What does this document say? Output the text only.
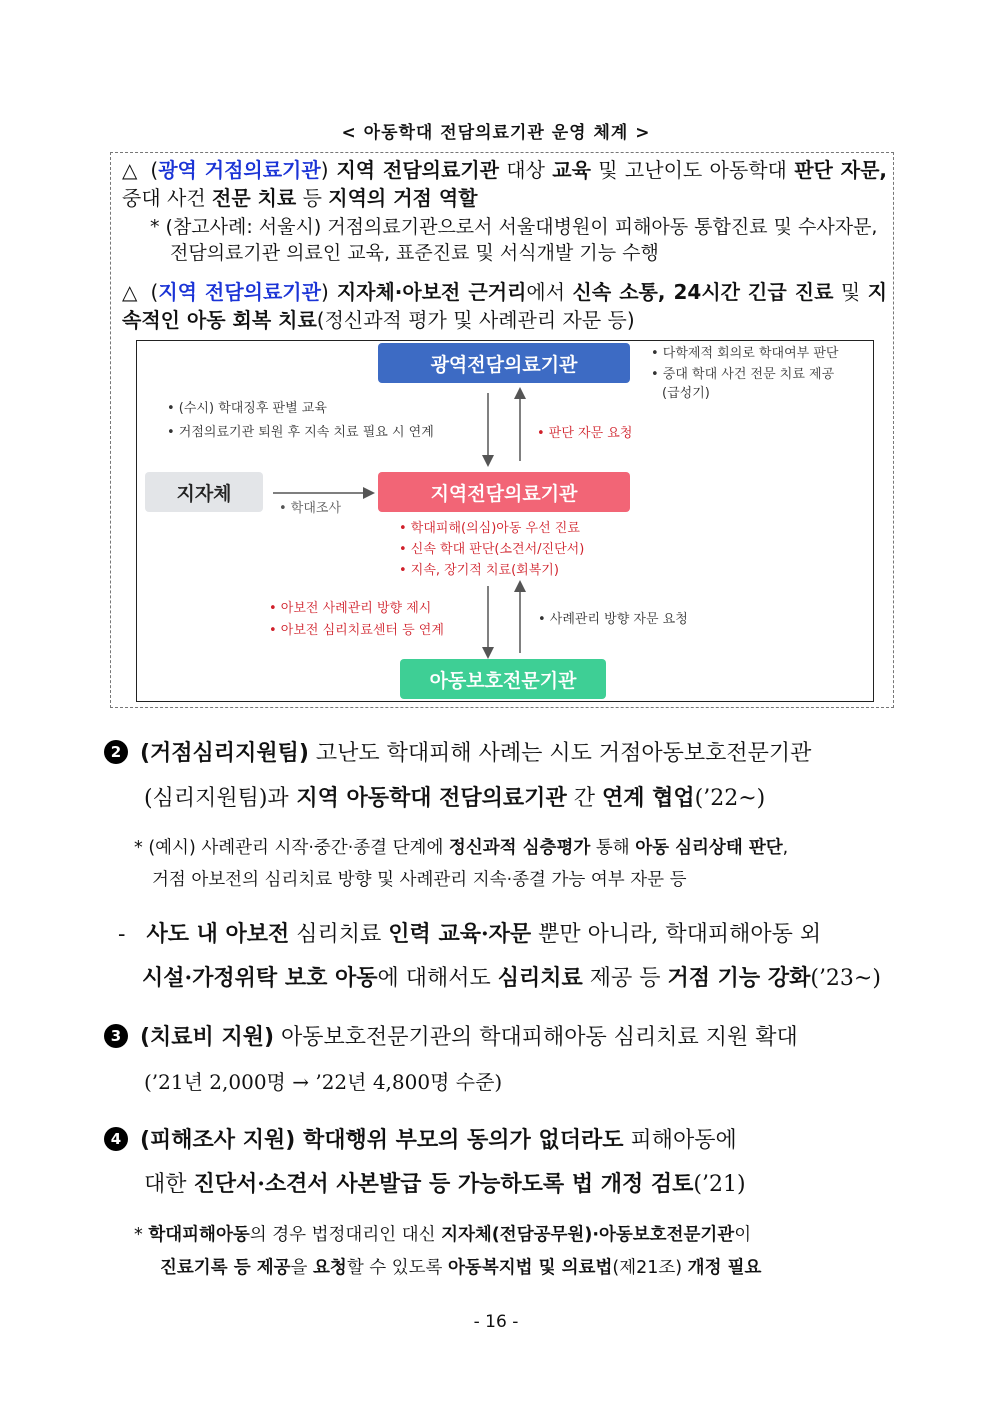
< 아동학대 전담의료기관 운영 체계 >
△ (광역 거점의료기관) 지역 전담의료기관 대상 교육 및 고난이도 아동학대 판단 자문, 중대 사건 전문 치료 등 지역의 거점 역할
* (참고사례: 서울시) 거점의료기관으로서 서울대병원이 피해아동 통합진료 및 수사자문, 전담의료기관 의료인 교육, 표준진료 및 서식개발 기능 수행
△ (지역 전담의료기관) 지자체·아보전 근거리에서 신속 소통, 24시간 긴급 진료 및 지속적인 아동 회복 치료(정신과적 평가 및 사례관리 자문 등)
광역전담의료기관
지역전담의료기관
지자체
아동보호전문기관
• 다학제적 회의로 학대여부 판단
• 중대 학대 사건 전문 치료 제공
(급성기)
• (수시) 학대징후 판별 교육
• 거점의료기관 퇴원 후 지속 치료 필요 시 연계	• 판단 자문 요청
• 학대조사
• 학대피해(의심)아동 우선 진료
• 신속 학대 판단(소견서/진단서)
• 지속, 장기적 치료(회복기)
• 아보전 사례관리 방향 제시
• 아보전 심리치료센터 등 연계
• 사례관리 방향 자문 요청
2 (거점심리지원팀) 고난도 학대피해 사례는 시도 거점아동보호전문기관
(심리지원팀)과 지역 아동학대 전담의료기관 간 연계 협업(’22~)
* (예시) 사례관리 시작·중간·종결 단계에 정신과적 심층평가 통해 아동 심리상태 판단,
거점 아보전의 심리치료 방향 및 사례관리 지속·종결 가능 여부 자문 등
- 사도 내 아보전 심리치료 인력 교육·자문 뿐만 아니라, 학대피해아동 외
시설·가정위탁 보호 아동에 대해서도 심리치료 제공 등 거점 기능 강화(’23~)
3 (치료비 지원) 아동보호전문기관의 학대피해아동 심리치료 지원 확대
(’21년 2,000명 → ’22년 4,800명 수준)
4 (피해조사 지원) 학대행위 부모의 동의가 없더라도 피해아동에
대한 진단서·소견서 사본발급 등 가능하도록 법 개정 검토(’21)
* 학대피해아동의 경우 법정대리인 대신 지자체(전담공무원)·아동보호전문기관이
진료기록 등 제공을 요청할 수 있도록 아동복지법 및 의료법(제21조) 개정 필요
- 16 -
